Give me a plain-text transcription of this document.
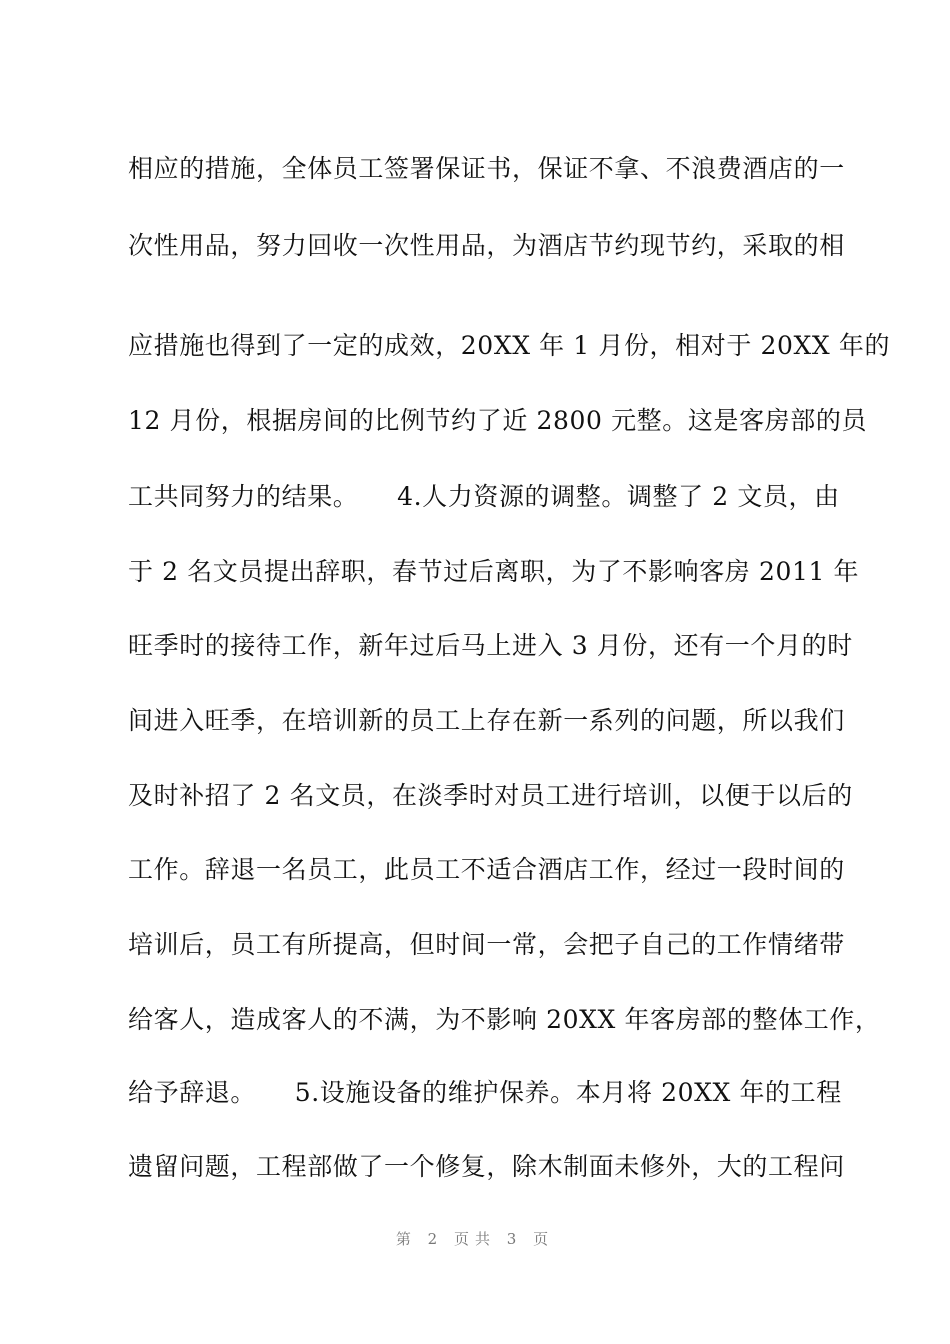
相应的措施，全体员工签署保证书，保证不拿、不浪费酒店的一
次性用品，努力回收一次性用品，为酒店节约现节约，采取的相
应措施也得到了一定的成效，20XX 年 1 月份，相对于 20XX 年的
12 月份，根据房间的比例节约了近 2800 元整。这是客房部的员
工共同努力的结果。　　4.人力资源的调整。调整了 2 文员，由
于 2 名文员提出辞职，春节过后离职，为了不影响客房 2011 年
旺季时的接待工作，新年过后马上进入 3 月份，还有一个月的时
间进入旺季，在培训新的员工上存在新一系列的问题，所以我们
及时补招了 2 名文员，在淡季时对员工进行培训，以便于以后的
工作。辞退一名员工，此员工不适合酒店工作，经过一段时间的
培训后，员工有所提高，但时间一常，会把子自己的工作情绪带
给客人，造成客人的不满，为不影响 20XX 年客房部的整体工作，
给予辞退。　　5.设施设备的维护保养。本月将 20XX 年的工程
遗留问题，工程部做了一个修复，除木制面未修外，大的工程问
第 2 页共 3 页
